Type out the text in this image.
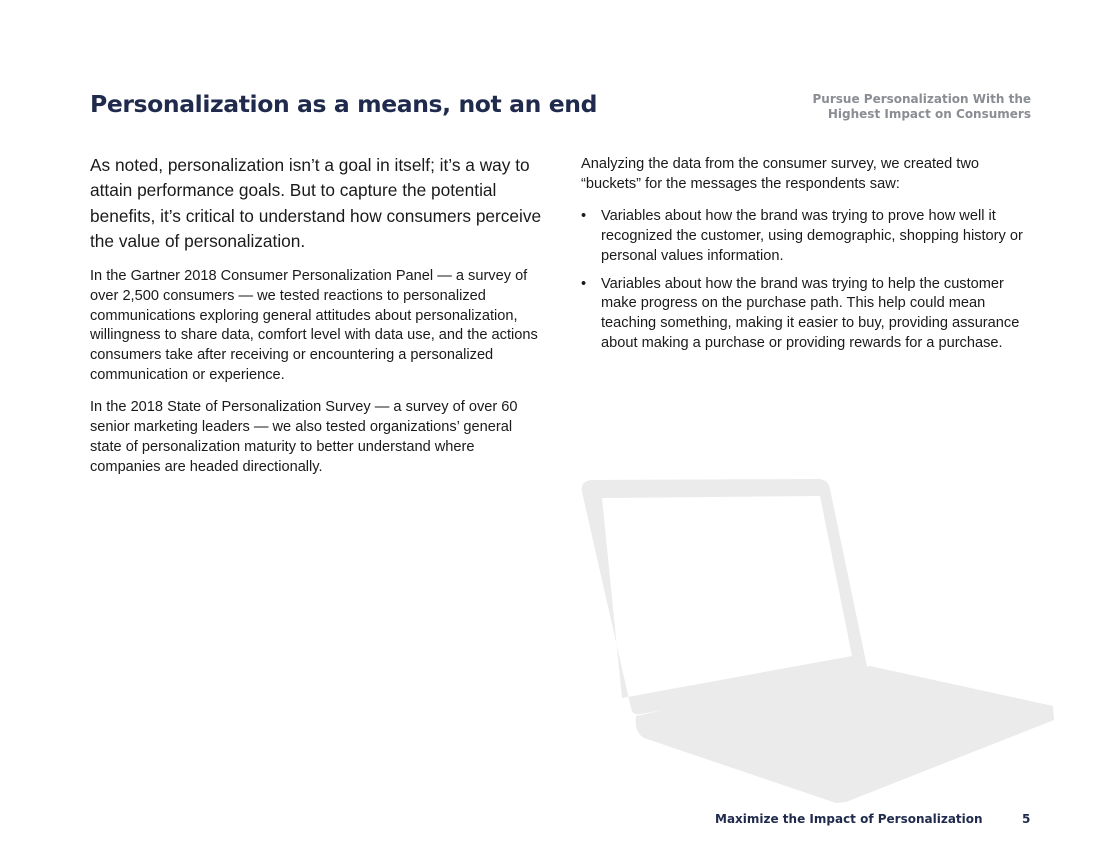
Personalization as a means, not an end	Pursue Personalization With the
Highest Impact on Consumers

As noted, personalization isn’t a goal in itself; it’s a way to attain performance goals. But to capture the potential benefits, it’s critical to understand how consumers perceive the value of personalization.

In the Gartner 2018 Consumer Personalization Panel — a survey of over 2,500 consumers — we tested reactions to personalized communications exploring general attitudes about personalization, willingness to share data, comfort level with data use, and the actions consumers take after receiving or encountering a personalized communication or experience.

In the 2018 State of Personalization Survey — a survey of over 60 senior marketing leaders — we also tested organizations’ general state of personalization maturity to better understand where companies are headed directionally.

Analyzing the data from the consumer survey, we created two “buckets” for the messages the respondents saw:

• Variables about how the brand was trying to prove how well it recognized the customer, using demographic, shopping history or personal values information.
• Variables about how the brand was trying to help the customer make progress on the purchase path. This help could mean teaching something, making it easier to buy, providing assurance about making a purchase or providing rewards for a purchase.
Maximize the Impact of Personalization	5
